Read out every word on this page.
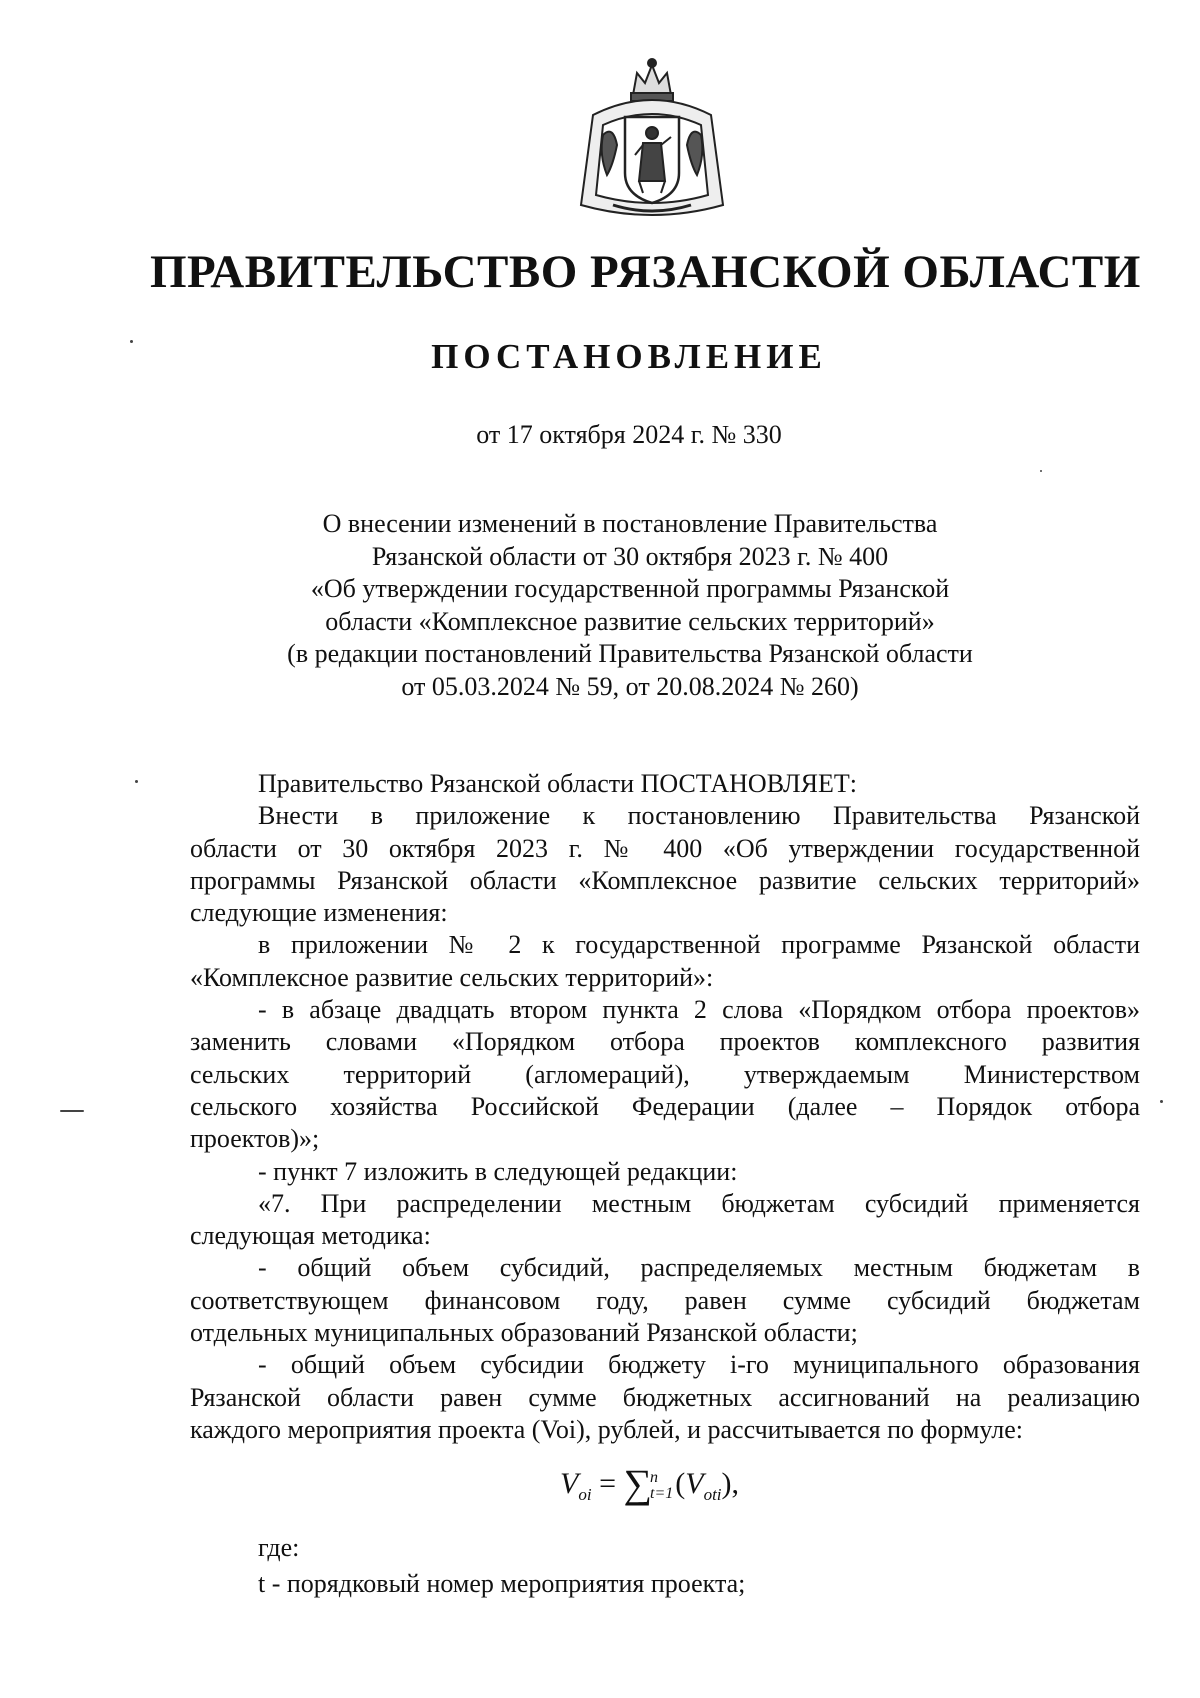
ПРАВИТЕЛЬСТВО РЯЗАНСКОЙ ОБЛАСТИ
ПОСТАНОВЛЕНИЕ
от 17 октября 2024 г. № 330
О внесении изменений в постановление Правительства
Рязанской области от 30 октября 2023 г. № 400
«Об утверждении государственной программы Рязанской
области «Комплексное развитие сельских территорий»
(в редакции постановлений Правительства Рязанской области
от 05.03.2024 № 59, от 20.08.2024 № 260)
Правительство Рязанской области ПОСТАНОВЛЯЕТ:
Внести в приложение к постановлению Правительства Рязанской
области от 30 октября 2023 г. № 400 «Об утверждении государственной
программы Рязанской области «Комплексное развитие сельских территорий»
следующие изменения:
в приложении № 2 к государственной программе Рязанской области
«Комплексное развитие сельских территорий»:
- в абзаце двадцать втором пункта 2 слова «Порядком отбора проектов»
заменить словами «Порядком отбора проектов комплексного развития
сельских территорий (агломераций), утверждаемым Министерством
сельского хозяйства Российской Федерации (далее – Порядок отбора
проектов)»;
- пункт 7 изложить в следующей редакции:
«7. При распределении местным бюджетам субсидий применяется
следующая методика:
- общий объем субсидий, распределяемых местным бюджетам в
соответствующем финансовом году, равен сумме субсидий бюджетам
отдельных муниципальных образований Рязанской области;
- общий объем субсидии бюджету i-го муниципального образования
Рязанской области равен сумме бюджетных ассигнований на реализацию
каждого мероприятия проекта (Voi), рублей, и рассчитывается по формуле:
$V_{oi} = \sum n$
$t=1(V_{oti})$,
где:
t - порядковый номер мероприятия проекта;
